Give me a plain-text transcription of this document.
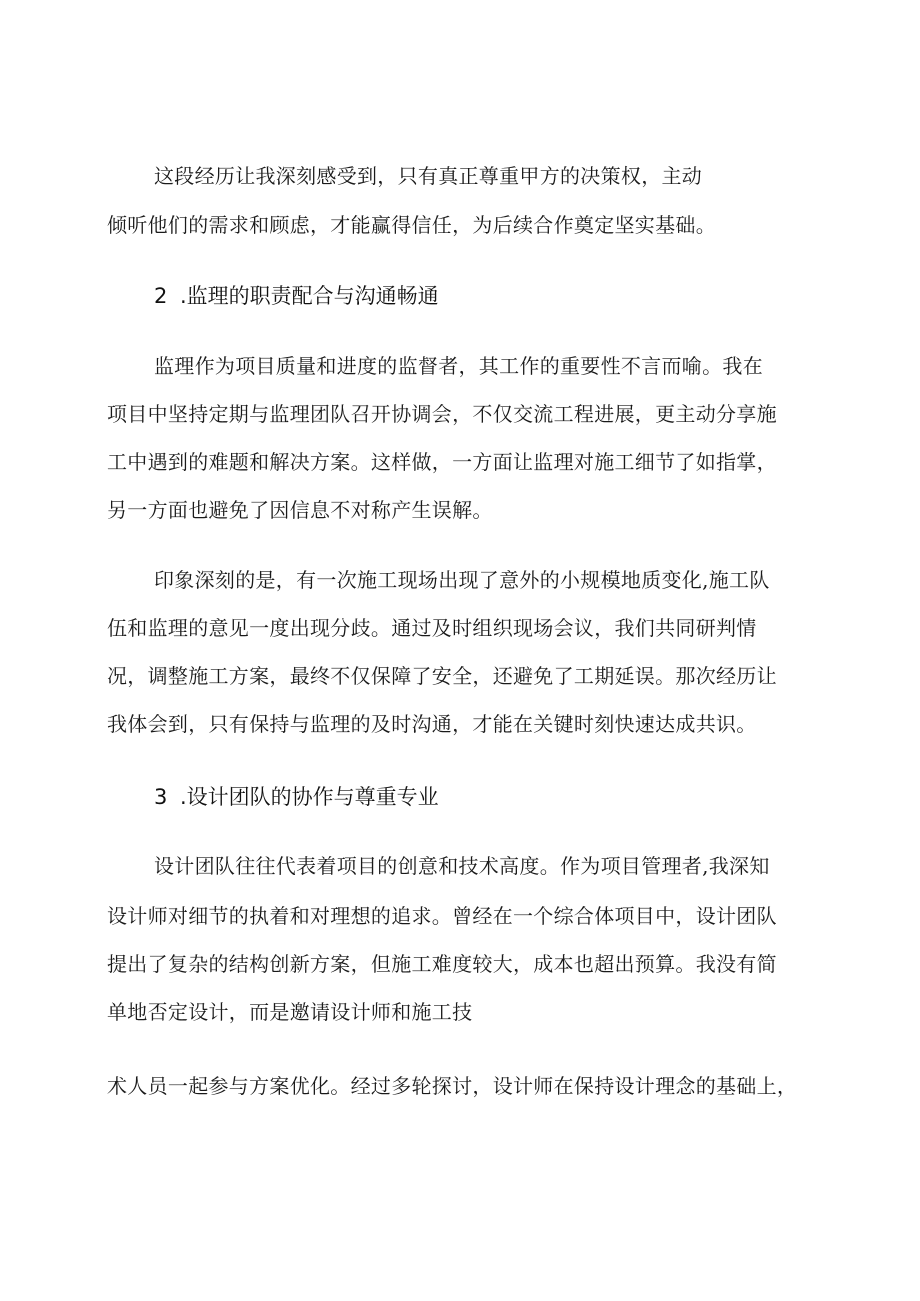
这段经历让我深刻感受到，只有真正尊重甲方的决策权，主动
倾听他们的需求和顾虑，才能赢得信任，为后续合作奠定坚实基础。
2 .监理的职责配合与沟通畅通
监理作为项目质量和进度的监督者，其工作的重要性不言而喻。我在
项目中坚持定期与监理团队召开协调会，不仅交流工程进展，更主动分享施
工中遇到的难题和解决方案。这样做，一方面让监理对施工细节了如指掌，
另一方面也避免了因信息不对称产生误解。
印象深刻的是，有一次施工现场出现了意外的小规模地质变化,施工队
伍和监理的意见一度出现分歧。通过及时组织现场会议，我们共同研判情
况，调整施工方案，最终不仅保障了安全，还避免了工期延误。那次经历让
我体会到，只有保持与监理的及时沟通，才能在关键时刻快速达成共识。
3 .设计团队的协作与尊重专业
设计团队往往代表着项目的创意和技术高度。作为项目管理者,我深知
设计师对细节的执着和对理想的追求。曾经在一个综合体项目中，设计团队
提出了复杂的结构创新方案，但施工难度较大，成本也超出预算。我没有简
单地否定设计，而是邀请设计师和施工技
术人员一起参与方案优化。经过多轮探讨，设计师在保持设计理念的基础上，
